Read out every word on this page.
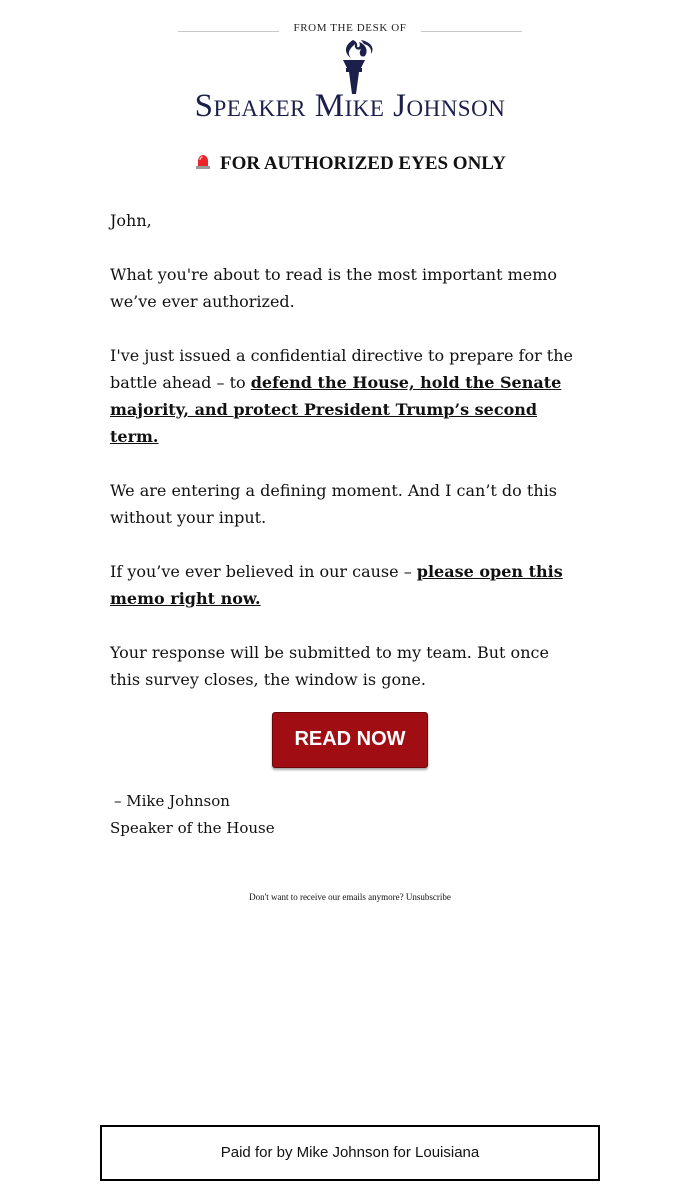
FROM THE DESK OF
Speaker Mike Johnson
FOR AUTHORIZED EYES ONLY

John,

What you're about to read is the most important memo we’ve ever authorized.

I've just issued a confidential directive to prepare for the battle ahead – to defend the House, hold the Senate majority, and protect President Trump’s second term.

We are entering a defining moment. And I can’t do this without your input.

If you’ve ever believed in our cause – please open this memo right now.

Your response will be submitted to my team. But once this survey closes, the window is gone.

READ NOW
– Mike Johnson
Speaker of the House
Don't want to receive our emails anymore? Unsubscribe
Paid for by Mike Johnson for Louisiana
